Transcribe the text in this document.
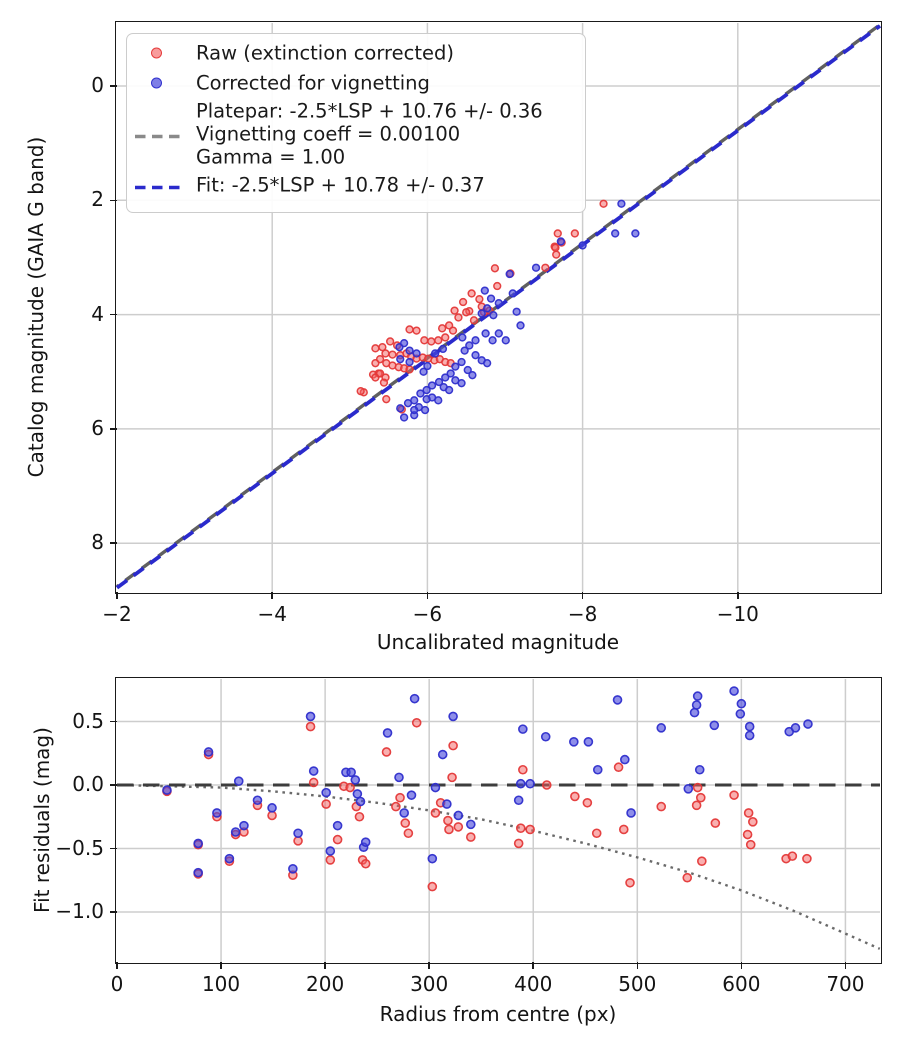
−2	−4	−6	−8	−10
0
2
4
6
8
0	100	200	300	400	500	600	700
0.5
0.0
−0.5
−1.0
Uncalibrated magnitude
Catalog magnitude (GAIA G band)
Radius from centre (px)
Fit residuals (mag)
Raw (extinction corrected)
Corrected for vignetting
Platepar: -2.5*LSP + 10.76 +/- 0.36
Vignetting coeff = 0.00100
Gamma = 1.00
Fit: -2.5*LSP + 10.78 +/- 0.37
